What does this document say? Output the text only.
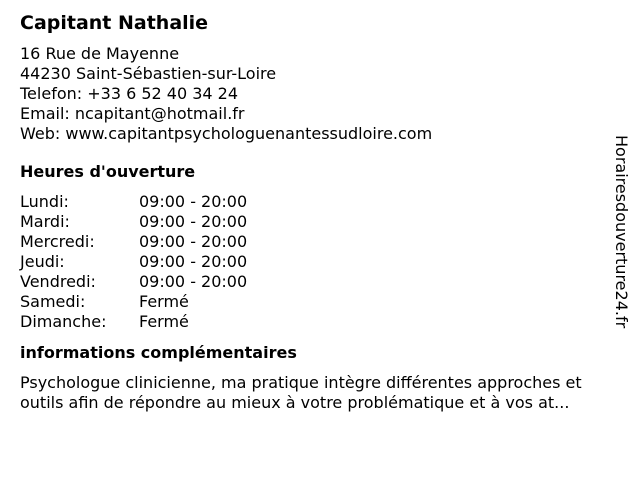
Capitant Nathalie
16 Rue de Mayenne
44230 Saint-Sébastien-sur-Loire
Telefon: +33 6 52 40 34 24
Email: ncapitant@hotmail.fr
Web: www.capitantpsychologuenantessudloire.com
Heures d'ouverture
Lundi:	09:00 - 20:00
Mardi:	09:00 - 20:00
Mercredi:	09:00 - 20:00
Jeudi:	09:00 - 20:00
Vendredi:	09:00 - 20:00
Samedi:	Fermé
Dimanche:	Fermé
informations complémentaires
Psychologue clinicienne, ma pratique intègre différentes approches et outils afin de répondre au mieux à votre problématique et à vos at...
Horairesdouverture24.fr
